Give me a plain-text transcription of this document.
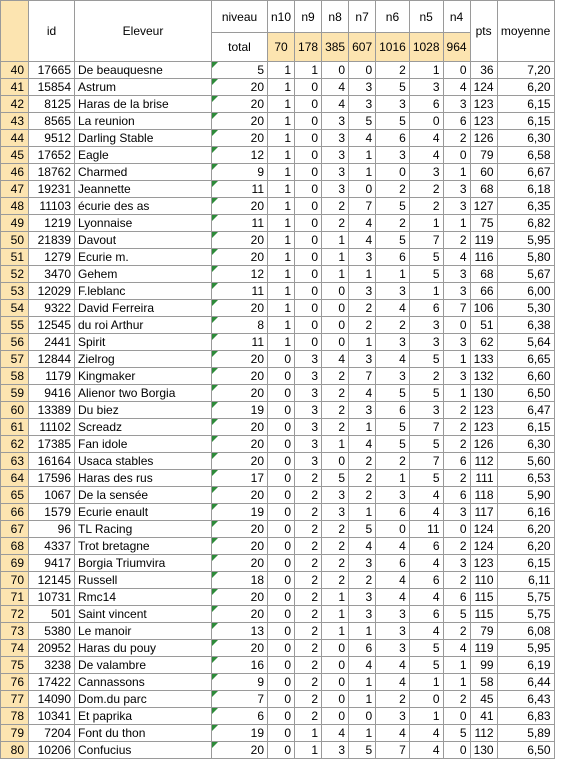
	id	Eleveur	niveau	n10	n9	n8	n7	n6	n5	n4	pts	moyenne
			total	70	178	385	607	1016	1028	964		
40	17665	De beauquesne	5	1	1	0	0	2	1	0	36	7,20
41	15854	Astrum	20	1	0	4	3	5	3	4	124	6,20
42	8125	Haras de la brise	20	1	0	4	3	3	6	3	123	6,15
43	8565	La reunion	20	1	0	3	5	5	0	6	123	6,15
44	9512	Darling Stable	20	1	0	3	4	6	4	2	126	6,30
45	17652	Eagle	12	1	0	3	1	3	4	0	79	6,58
46	18762	Charmed	9	1	0	3	1	0	3	1	60	6,67
47	19231	Jeannette	11	1	0	3	0	2	2	3	68	6,18
48	11103	écurie des as	20	1	0	2	7	5	2	3	127	6,35
49	1219	Lyonnaise	11	1	0	2	4	2	1	1	75	6,82
50	21839	Davout	20	1	0	1	4	5	7	2	119	5,95
51	1279	Ecurie m.	20	1	0	1	3	6	5	4	116	5,80
52	3470	Gehem	12	1	0	1	1	1	5	3	68	5,67
53	12029	F.leblanc	11	1	0	0	3	3	1	3	66	6,00
54	9322	David Ferreira	20	1	0	0	2	4	6	7	106	5,30
55	12545	du roi Arthur	8	1	0	0	2	2	3	0	51	6,38
56	2441	Spirit	11	1	0	0	1	3	3	3	62	5,64
57	12844	Zielrog	20	0	3	4	3	4	5	1	133	6,65
58	1179	Kingmaker	20	0	3	2	7	3	2	3	132	6,60
59	9416	Alienor two Borgia	20	0	3	2	4	5	5	1	130	6,50
60	13389	Du biez	19	0	3	2	3	6	3	2	123	6,47
61	11102	Screadz	20	0	3	2	1	5	7	2	123	6,15
62	17385	Fan idole	20	0	3	1	4	5	5	2	126	6,30
63	16164	Usaca stables	20	0	3	0	2	2	7	6	112	5,60
64	17596	Haras des rus	17	0	2	5	2	1	5	2	111	6,53
65	1067	De la sensée	20	0	2	3	2	3	4	6	118	5,90
66	1579	Ecurie enault	19	0	2	3	1	6	4	3	117	6,16
67	96	TL Racing	20	0	2	2	5	0	11	0	124	6,20
68	4337	Trot bretagne	20	0	2	2	4	4	6	2	124	6,20
69	9417	Borgia Triumvira	20	0	2	2	3	6	4	3	123	6,15
70	12145	Russell	18	0	2	2	2	4	6	2	110	6,11
71	10731	Rmc14	20	0	2	1	3	4	4	6	115	5,75
72	501	Saint vincent	20	0	2	1	3	3	6	5	115	5,75
73	5380	Le manoir	13	0	2	1	1	3	4	2	79	6,08
74	20952	Haras du pouy	20	0	2	0	6	3	5	4	119	5,95
75	3238	De valambre	16	0	2	0	4	4	5	1	99	6,19
76	17422	Cannassons	9	0	2	0	1	4	1	1	58	6,44
77	14090	Dom.du parc	7	0	2	0	1	2	0	2	45	6,43
78	10341	Et paprika	6	0	2	0	0	3	1	0	41	6,83
79	7204	Font du thon	19	0	1	4	1	4	4	5	112	5,89
80	10206	Confucius	20	0	1	3	5	7	4	0	130	6,50
